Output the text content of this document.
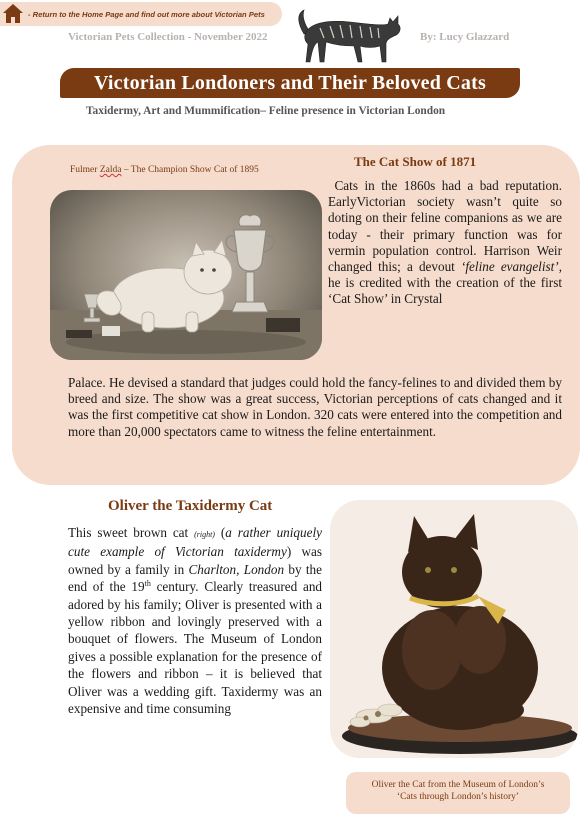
- Return to the Home Page and find out more about Victorian Pets
Victorian Pets Collection - November 2022	By: Lucy Glazzard
Victorian Londoners and Their Beloved Cats
Taxidermy, Art and Mummification– Feline presence in Victorian London
Fulmer Zalda – The Champion Show Cat of 1895
The Cat Show of 1871
Cats in the 1860s had a bad reputation. EarlyVictorian society wasn’t quite so doting on their feline companions as we are today - their primary function was for vermin population control. Harrison Weir changed this; a devout ‘feline evangelist’, he is credited with the creation of the first ‘Cat Show’ in Crystal
Palace. He devised a standard that judges could hold the fancy-felines to and divided them by breed and size. The show was a great success, Victorian perceptions of cats changed and it was the first competitive cat show in London. 320 cats were entered into the competition and more than 20,000 spectators came to witness the feline entertainment.
Oliver the Taxidermy Cat
This sweet brown cat (right) (a rather uniquely cute example of Victorian taxidermy) was owned by a family in Charlton, London by the end of the 19th century. Clearly treasured and adored by his family; Oliver is presented with a yellow ribbon and lovingly preserved with a bouquet of flowers. The Museum of London gives a possible explanation for the presence of the flowers and ribbon – it is believed that Oliver was a wedding gift. Taxidermy was an expensive and time consuming
Oliver the Cat from the Museum of London’s
‘Cats through London’s history’
